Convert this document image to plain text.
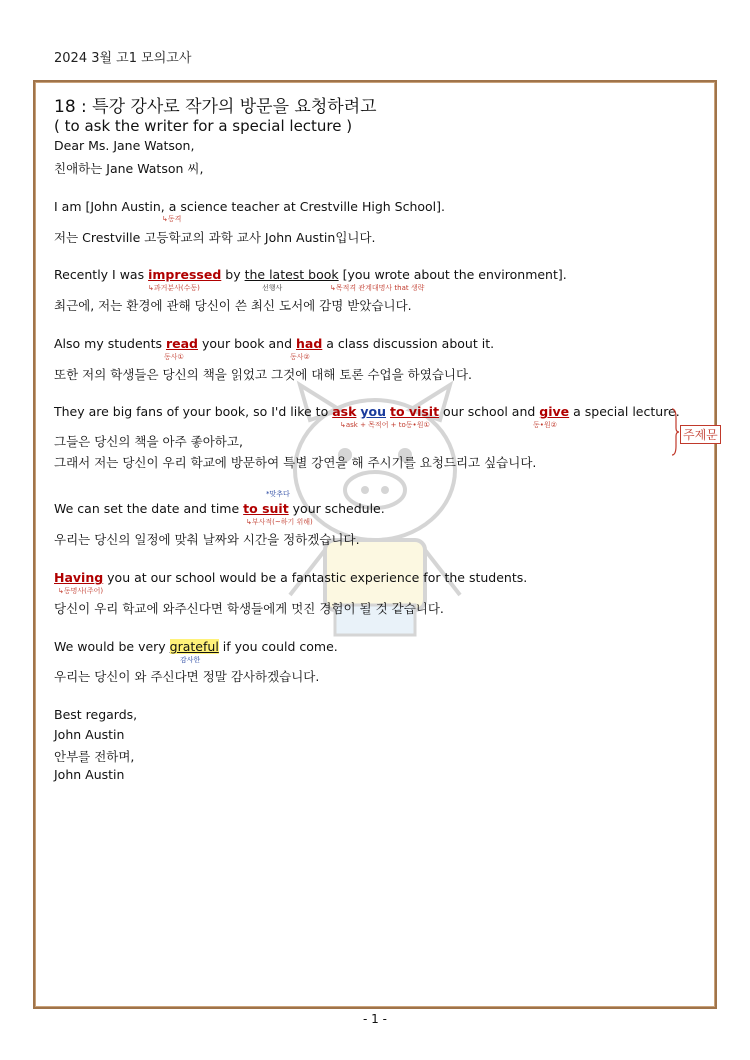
2024 3월 고1 모의고사
18 : 특강 강사로 작가의 방문을 요청하려고
( to ask the writer for a special lecture )
Dear Ms. Jane Watson,
친애하는 Jane Watson 씨,
I am [John Austin, a science teacher at Crestville High School].
↳동격
저는 Crestville 고등학교의 과학 교사 John Austin입니다.
Recently I was impressed by the latest book [you wrote about the environment].
↳과거분사(수동)	선행사	↳목적격 관계대명사 that 생략
최근에, 저는 환경에 관해 당신이 쓴 최신 도서에 감명 받았습니다.
Also my students read your book and had a class discussion about it.
동사①	동사②
또한 저의 학생들은 당신의 책을 읽었고 그것에 대해 토론 수업을 하였습니다.
They are big fans of your book, so I'd like to ask you to visit our school and give a special lecture.
↳ask + 목적어 + to동•원①	동•원②
그들은 당신의 책을 아주 좋아하고,
그래서 저는 당신이 우리 학교에 방문하여 특별 강연을 해 주시기를 요청드리고 싶습니다.
주제문
*맞추다
We can set the date and time to suit your schedule.
↳부사적(~하기 위해)
우리는 당신의 일정에 맞춰 날짜와 시간을 정하겠습니다.
Having you at our school would be a fantastic experience for the students.
↳동명사(주어)
당신이 우리 학교에 와주신다면 학생들에게 멋진 경험이 될 것 같습니다.
We would be very grateful if you could come.
감사한
우리는 당신이 와 주신다면 정말 감사하겠습니다.
Best regards,
John Austin
안부를 전하며,
John Austin
- 1 -
